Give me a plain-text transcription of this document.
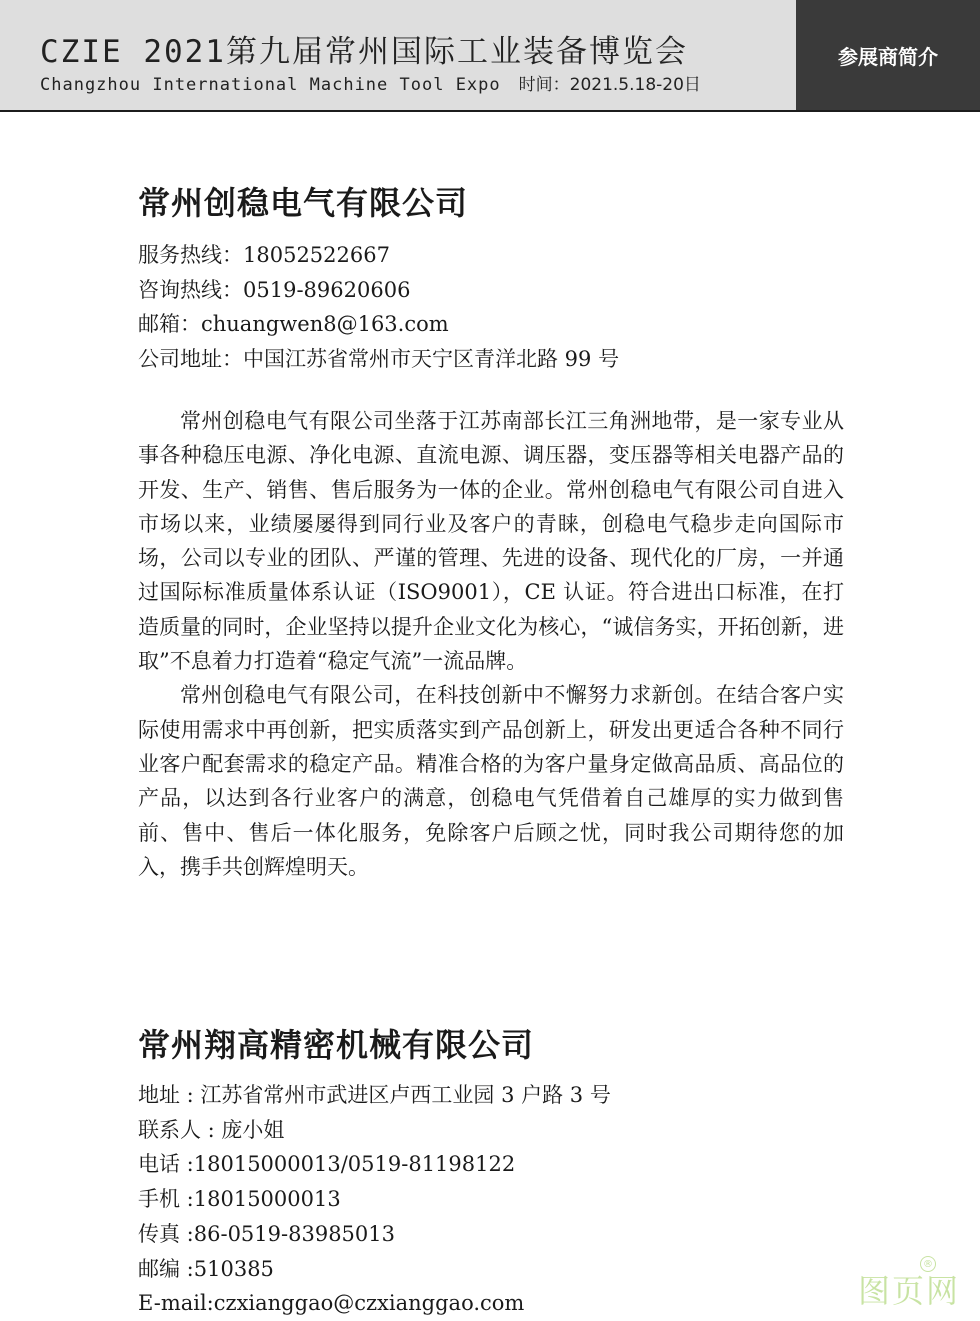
CZIE 2021第九届常州国际工业装备博览会
Changzhou International Machine Tool Expo 时间：2021.5.18-20日
参展商简介
常州创稳电气有限公司
服务热线：18052522667
咨询热线：0519-89620606
邮箱：chuangwen8@163.com
公司地址：中国江苏省常州市天宁区青洋北路 99 号

常州创稳电气有限公司坐落于江苏南部长江三角洲地带，是一家专业从事各种稳压电源、净化电源、直流电源、调压器，变压器等相关电器产品的开发、生产、销售、售后服务为一体的企业。常州创稳电气有限公司自进入市场以来，业绩屡屡得到同行业及客户的青睐，创稳电气稳步走向国际市场，公司以专业的团队、严谨的管理、先进的设备、现代化的厂房，一并通过国际标准质量体系认证（ISO9001），CE 认证。符合进出口标准，在打造质量的同时，企业坚持以提升企业文化为核心，“诚信务实，开拓创新，进取”不息着力打造着“稳定气流”一流品牌。

常州创稳电气有限公司，在科技创新中不懈努力求新创。在结合客户实际使用需求中再创新，把实质落实到产品创新上，研发出更适合各种不同行业客户配套需求的稳定产品。精准合格的为客户量身定做高品质、高品位的产品，以达到各行业客户的满意，创稳电气凭借着自己雄厚的实力做到售前、售中、售后一体化服务，免除客户后顾之忧，同时我公司期待您的加入，携手共创辉煌明天。

常州翔高精密机械有限公司
地址 : 江苏省常州市武进区卢西工业园 3 户路 3 号
联系人 : 庞小姐
电话 :18015000013/0519-81198122
手机 :18015000013
传真 :86-0519-83985013
邮编 :510385
E-mail:czxianggao@czxianggao.com	图页网
®
